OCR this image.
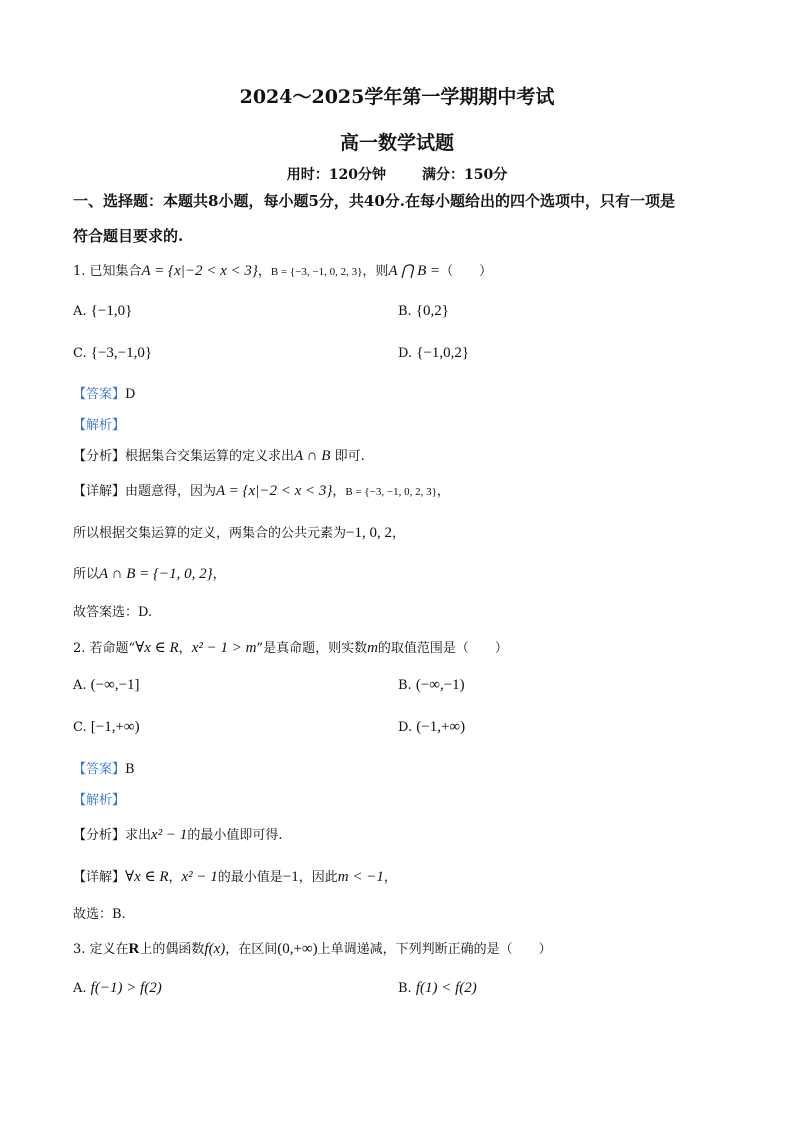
2024～2025学年第一学期期中考试
高一数学试题
用时：120分钟	满分：150分
一、选择题：本题共8小题，每小题5分，共40分.在每小题给出的四个选项中，只有一项是
符合题目要求的.
1. 已知集合A = {x|−2 < x < 3}，B = {−3, −1, 0, 2, 3}，则A ⋂ B =（　　）
A. {−1,0}	B. {0,2}
C. {−3,−1,0}	D. {−1,0,2}
【答案】D
【解析】
【分析】根据集合交集运算的定义求出A ∩ B 即可.
【详解】由题意得，因为A = {x|−2 < x < 3}，B = {−3, −1, 0, 2, 3}，
所以根据交集运算的定义，两集合的公共元素为−1, 0, 2，
所以A ∩ B = {−1, 0, 2}，
故答案选：D.
2. 若命题“∀x ∈ R，x² − 1 > m”是真命题，则实数m的取值范围是（　　）
A. (−∞,−1]	B. (−∞,−1)
C. [−1,+∞)	D. (−1,+∞)
【答案】B
【解析】
【分析】求出x² − 1的最小值即可得.
【详解】∀x ∈ R，x² − 1的最小值是−1，因此m < −1，
故选：B.
3. 定义在R上的偶函数f(x)，在区间(0,+∞)上单调递减，下列判断正确的是（　　）
A. f(−1) > f(2)	B. f(1) < f(2)
